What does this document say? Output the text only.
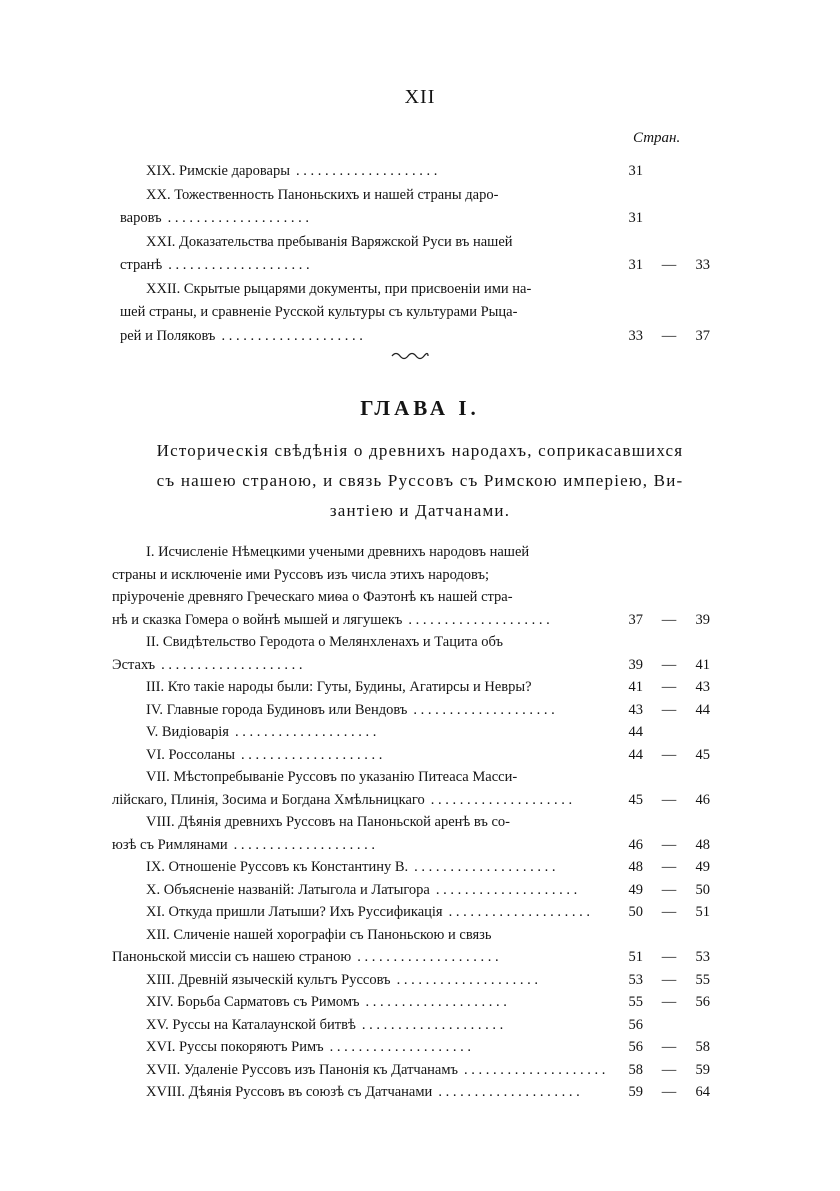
XII
Стран.
XIX. Римскіе даровары . . . . . . . . . . . . . . . . . . . .	31
XX. Тожественность Паноньскихъ и нашей страны даро-
варовъ . . . . . . . . . . . . . . . . . . . .	31
XXI. Доказательства пребыванія Варяжской Руси въ нашей
странѣ . . . . . . . . . . . . . . . . . . . .	31	—	33
XXII. Скрытые рыцарями документы, при присвоеніи ими на-
шей страны, и сравненіе Русской культуры съ культурами Рыца-
рей и Поляковъ . . . . . . . . . . . . . . . . . . . .	33	—	37
ГЛАВА I.
Историческія свѣдѣнія о древнихъ народахъ, соприкасавшихся
съ нашею страною, и связь Руссовъ съ Римскою имперіею, Ви-
зантіею и Датчанами.
I. Исчисленіе Нѣмецкими учеными древнихъ народовъ нашей
страны и исключеніе ими Руссовъ изъ числа этихъ народовъ;
пріуроченіе древняго Греческаго миѳа о Фаэтонѣ къ нашей стра-
нѣ и сказка Гомера о войнѣ мышей и лягушекъ . . . . . . . . . . . . . . . . . . . .	37	—	39
II. Свидѣтельство Геродота о Мелянхленахъ и Тацита объ
Эстахъ . . . . . . . . . . . . . . . . . . . .	39	—	41
III. Кто такіе народы были: Гуты, Будины, Агатирсы и Невры?	41	—	43
IV. Главные города Будиновъ или Вендовъ . . . . . . . . . . . . . . . . . . . .	43	—	44
V. Видіоварія . . . . . . . . . . . . . . . . . . . .	44
VI. Россоланы . . . . . . . . . . . . . . . . . . . .	44	—	45
VII. Мѣстопребываніе Руссовъ по указанію Питеаса Масси-
лійскаго, Плинія, Зосима и Богдана Хмѣльницкаго . . . . . . . . . . . . . . . . . . . .	45	—	46
VIII. Дѣянія древнихъ Руссовъ на Паноньской аренѣ въ со-
юзѣ съ Римлянами . . . . . . . . . . . . . . . . . . . .	46	—	48
IX. Отношеніе Руссовъ къ Константину В. . . . . . . . . . . . . . . . . . . . .	48	—	49
X. Объясненіе названій: Латыгола и Латыгора . . . . . . . . . . . . . . . . . . . .	49	—	50
XI. Откуда пришли Латыши? Ихъ Руссификація . . . . . . . . . . . . . . . . . . . .	50	—	51
XII. Сличеніе нашей хорографіи съ Паноньскою и связь
Паноньской миссіи съ нашею страною . . . . . . . . . . . . . . . . . . . .	51	—	53
XIII. Древній языческій культъ Руссовъ . . . . . . . . . . . . . . . . . . . .	53	—	55
XIV. Борьба Сарматовъ съ Римомъ . . . . . . . . . . . . . . . . . . . .	55	—	56
XV. Руссы на Каталаунской битвѣ . . . . . . . . . . . . . . . . . . . .	56
XVI. Руссы покоряютъ Римъ . . . . . . . . . . . . . . . . . . . .	56	—	58
XVII. Удаленіе Руссовъ изъ Панонія къ Датчанамъ . . . . . . . . . . . . . . . . . . . .	58	—	59
XVIII. Дѣянія Руссовъ въ союзѣ съ Датчанами . . . . . . . . . . . . . . . . . . . .	59	—	64
